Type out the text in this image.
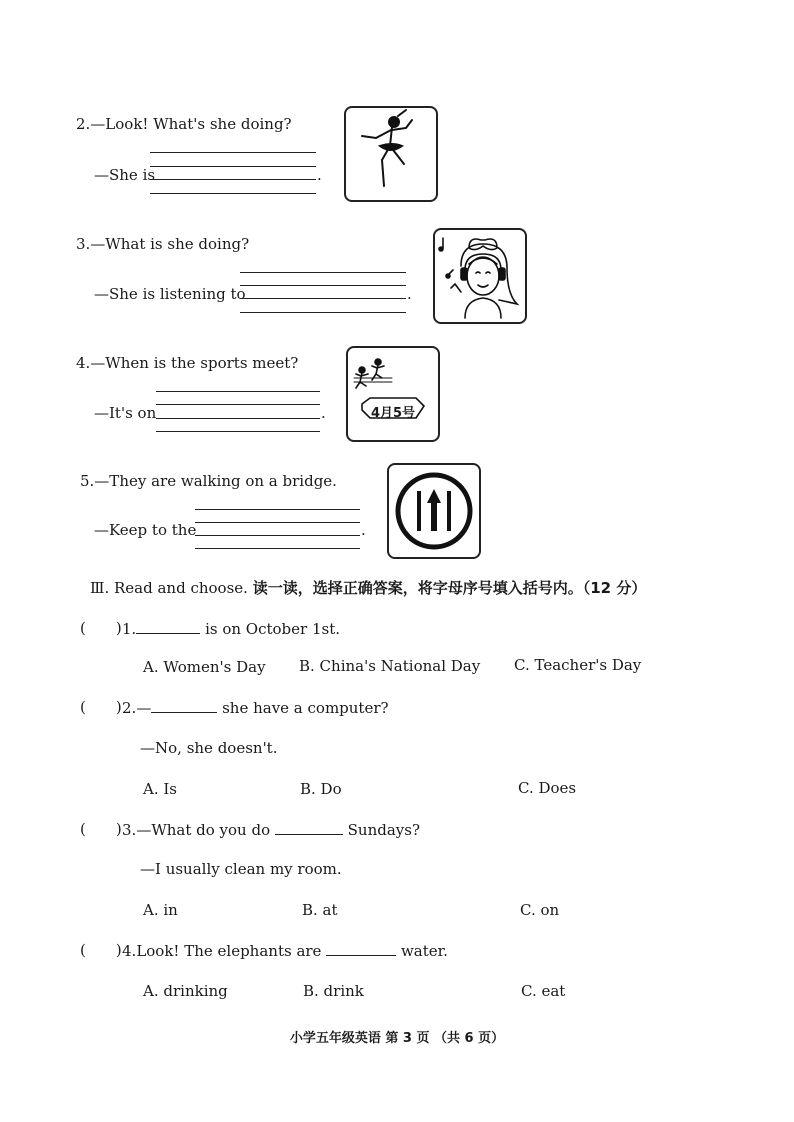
2.—Look! What's she doing?
—She is	.
3.—What is she doing?
—She is listening to	.
4.—When is the sports meet?
—It's on	.	4月5号
5.—They are walking on a bridge.
—Keep to the	.
Ⅲ. Read and choose. 读一读，选择正确答案，将字母序号填入括号内。（12 分）
( ) 1.	is on October 1st.
A. Women's Day B. China's National Day C. Teacher's Day
( ) 2.—	she have a computer?
—No, she doesn't.
A. Is	B. Do	C. Does
( ) 3.—What do you do	Sundays?
—I usually clean my room.
A. in	B. at	C. on
( ) 4.Look! The elephants are	water.
A. drinking	B. drink	C. eat
小学五年级英语 第 3 页 （共 6 页）
